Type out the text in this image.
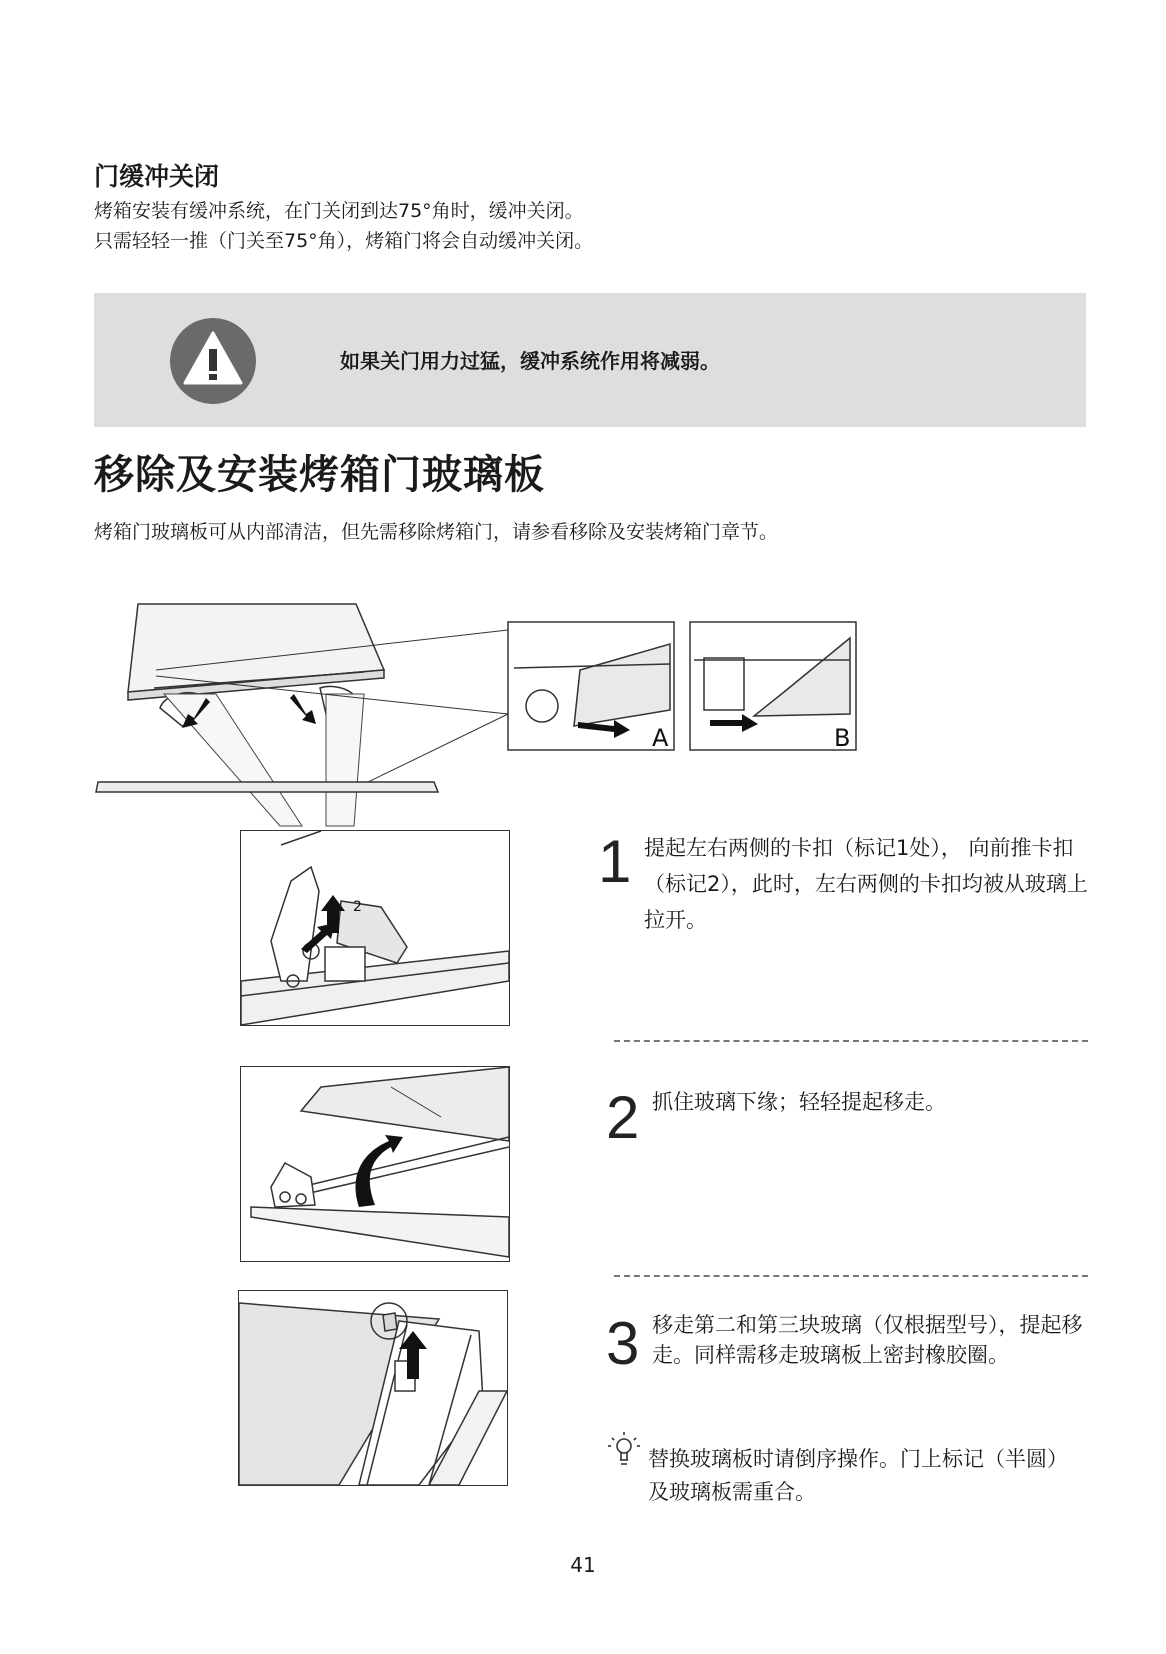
门缓冲关闭
烤箱安装有缓冲系统，在门关闭到达75°角时，缓冲关闭。
只需轻轻一推（门关至75°角），烤箱门将会自动缓冲关闭。
如果关门用力过猛，缓冲系统作用将减弱。
移除及安装烤箱门玻璃板
烤箱门玻璃板可从内部清洁，但先需移除烤箱门，请参看移除及安装烤箱门章节。
A	B
2
1 提起左右两侧的卡扣（标记1处）， 向前推卡扣（标记2），此时，左右两侧的卡扣均被从玻璃上拉开。
2 抓住玻璃下缘；轻轻提起移走。
3 移走第二和第三块玻璃（仅根据型号），提起移走。同样需移走玻璃板上密封橡胶圈。
替换玻璃板时请倒序操作。门上标记（半圆）及玻璃板需重合。
41
